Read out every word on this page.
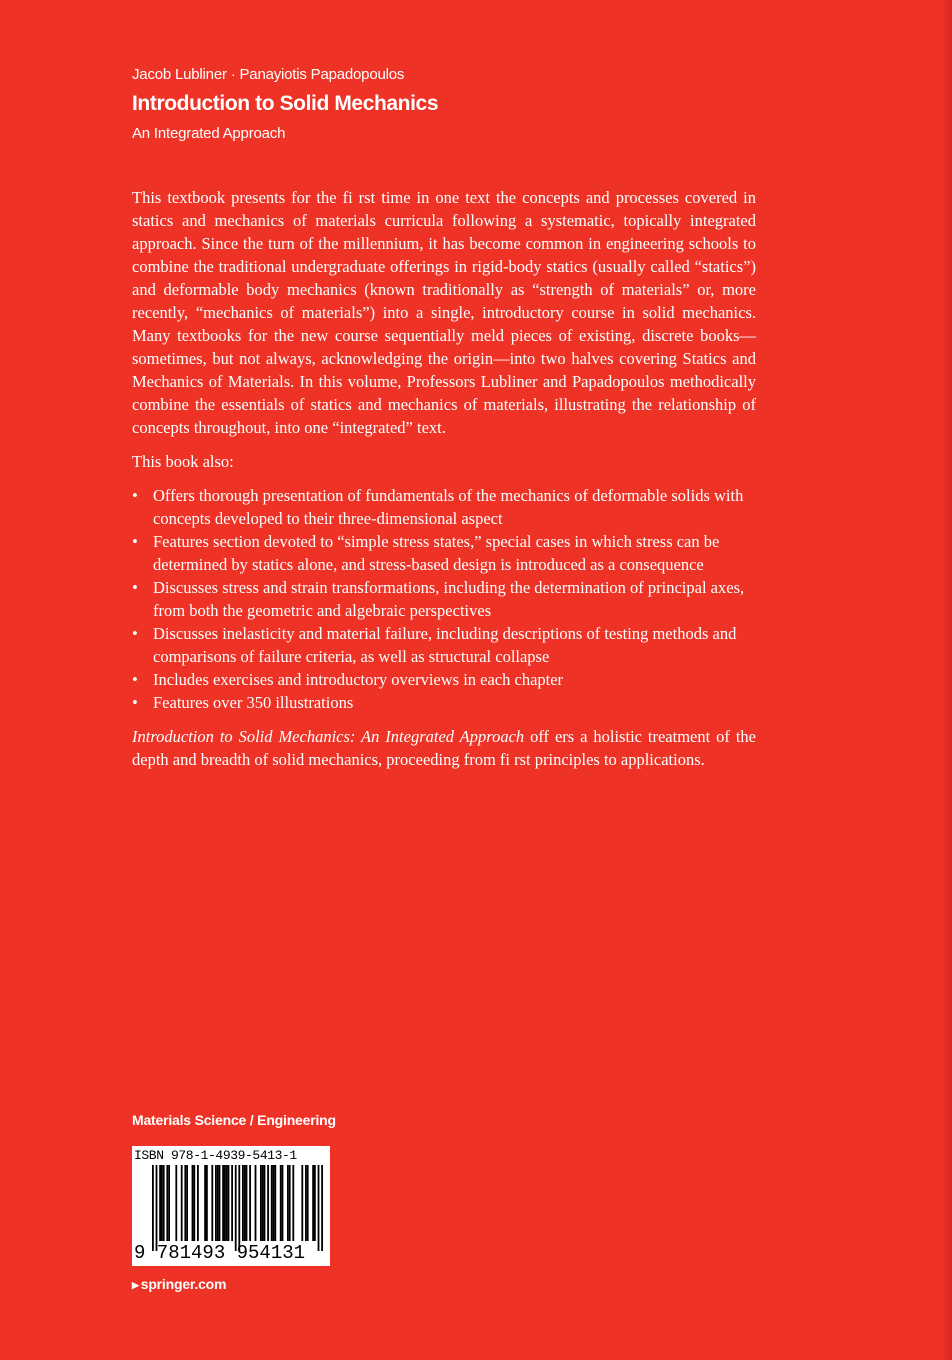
Jacob Lubliner · Panayiotis Papadopoulos
Introduction to Solid Mechanics
An Integrated Approach

This textbook presents for the fi rst time in one text the concepts and processes covered in statics and mechanics of materials curricula following a systematic, topically integrated approach. Since the turn of the millennium, it has become common in engineering schools to combine the traditional undergraduate offerings in rigid-body statics (usually called “statics”) and deformable body mechanics (known traditionally as “strength of materials” or, more recently, “mechanics of materials”) into a single, introductory course in solid mechanics. Many textbooks for the new course sequentially meld pieces of existing, discrete books—sometimes, but not always, acknowledging the origin—into two halves covering Statics and Mechanics of Materials. In this volume, Professors Lubliner and Papadopoulos methodically combine the essentials of statics and mechanics of materials, illustrating the relationship of concepts throughout, into one “integrated” text.

This book also:

• Offers thorough presentation of fundamentals of the mechanics of deformable solids with concepts developed to their three-dimensional aspect
• Features section devoted to “simple stress states,” special cases in which stress can be determined by statics alone, and stress-based design is introduced as a consequence
• Discusses stress and strain transformations, including the determination of principal axes, from both the geometric and algebraic perspectives
• Discusses inelasticity and material failure, including descriptions of testing methods and comparisons of failure criteria, as well as structural collapse
• Includes exercises and introductory overviews in each chapter
• Features over 350 illustrations

Introduction to Solid Mechanics: An Integrated Approach off ers a holistic treatment of the depth and breadth of solid mechanics, proceeding from fi rst principles to applications.

Materials Science / Engineering
ISBN 978-1-4939-5413-1
9 781493 954131
▶ springer.com
